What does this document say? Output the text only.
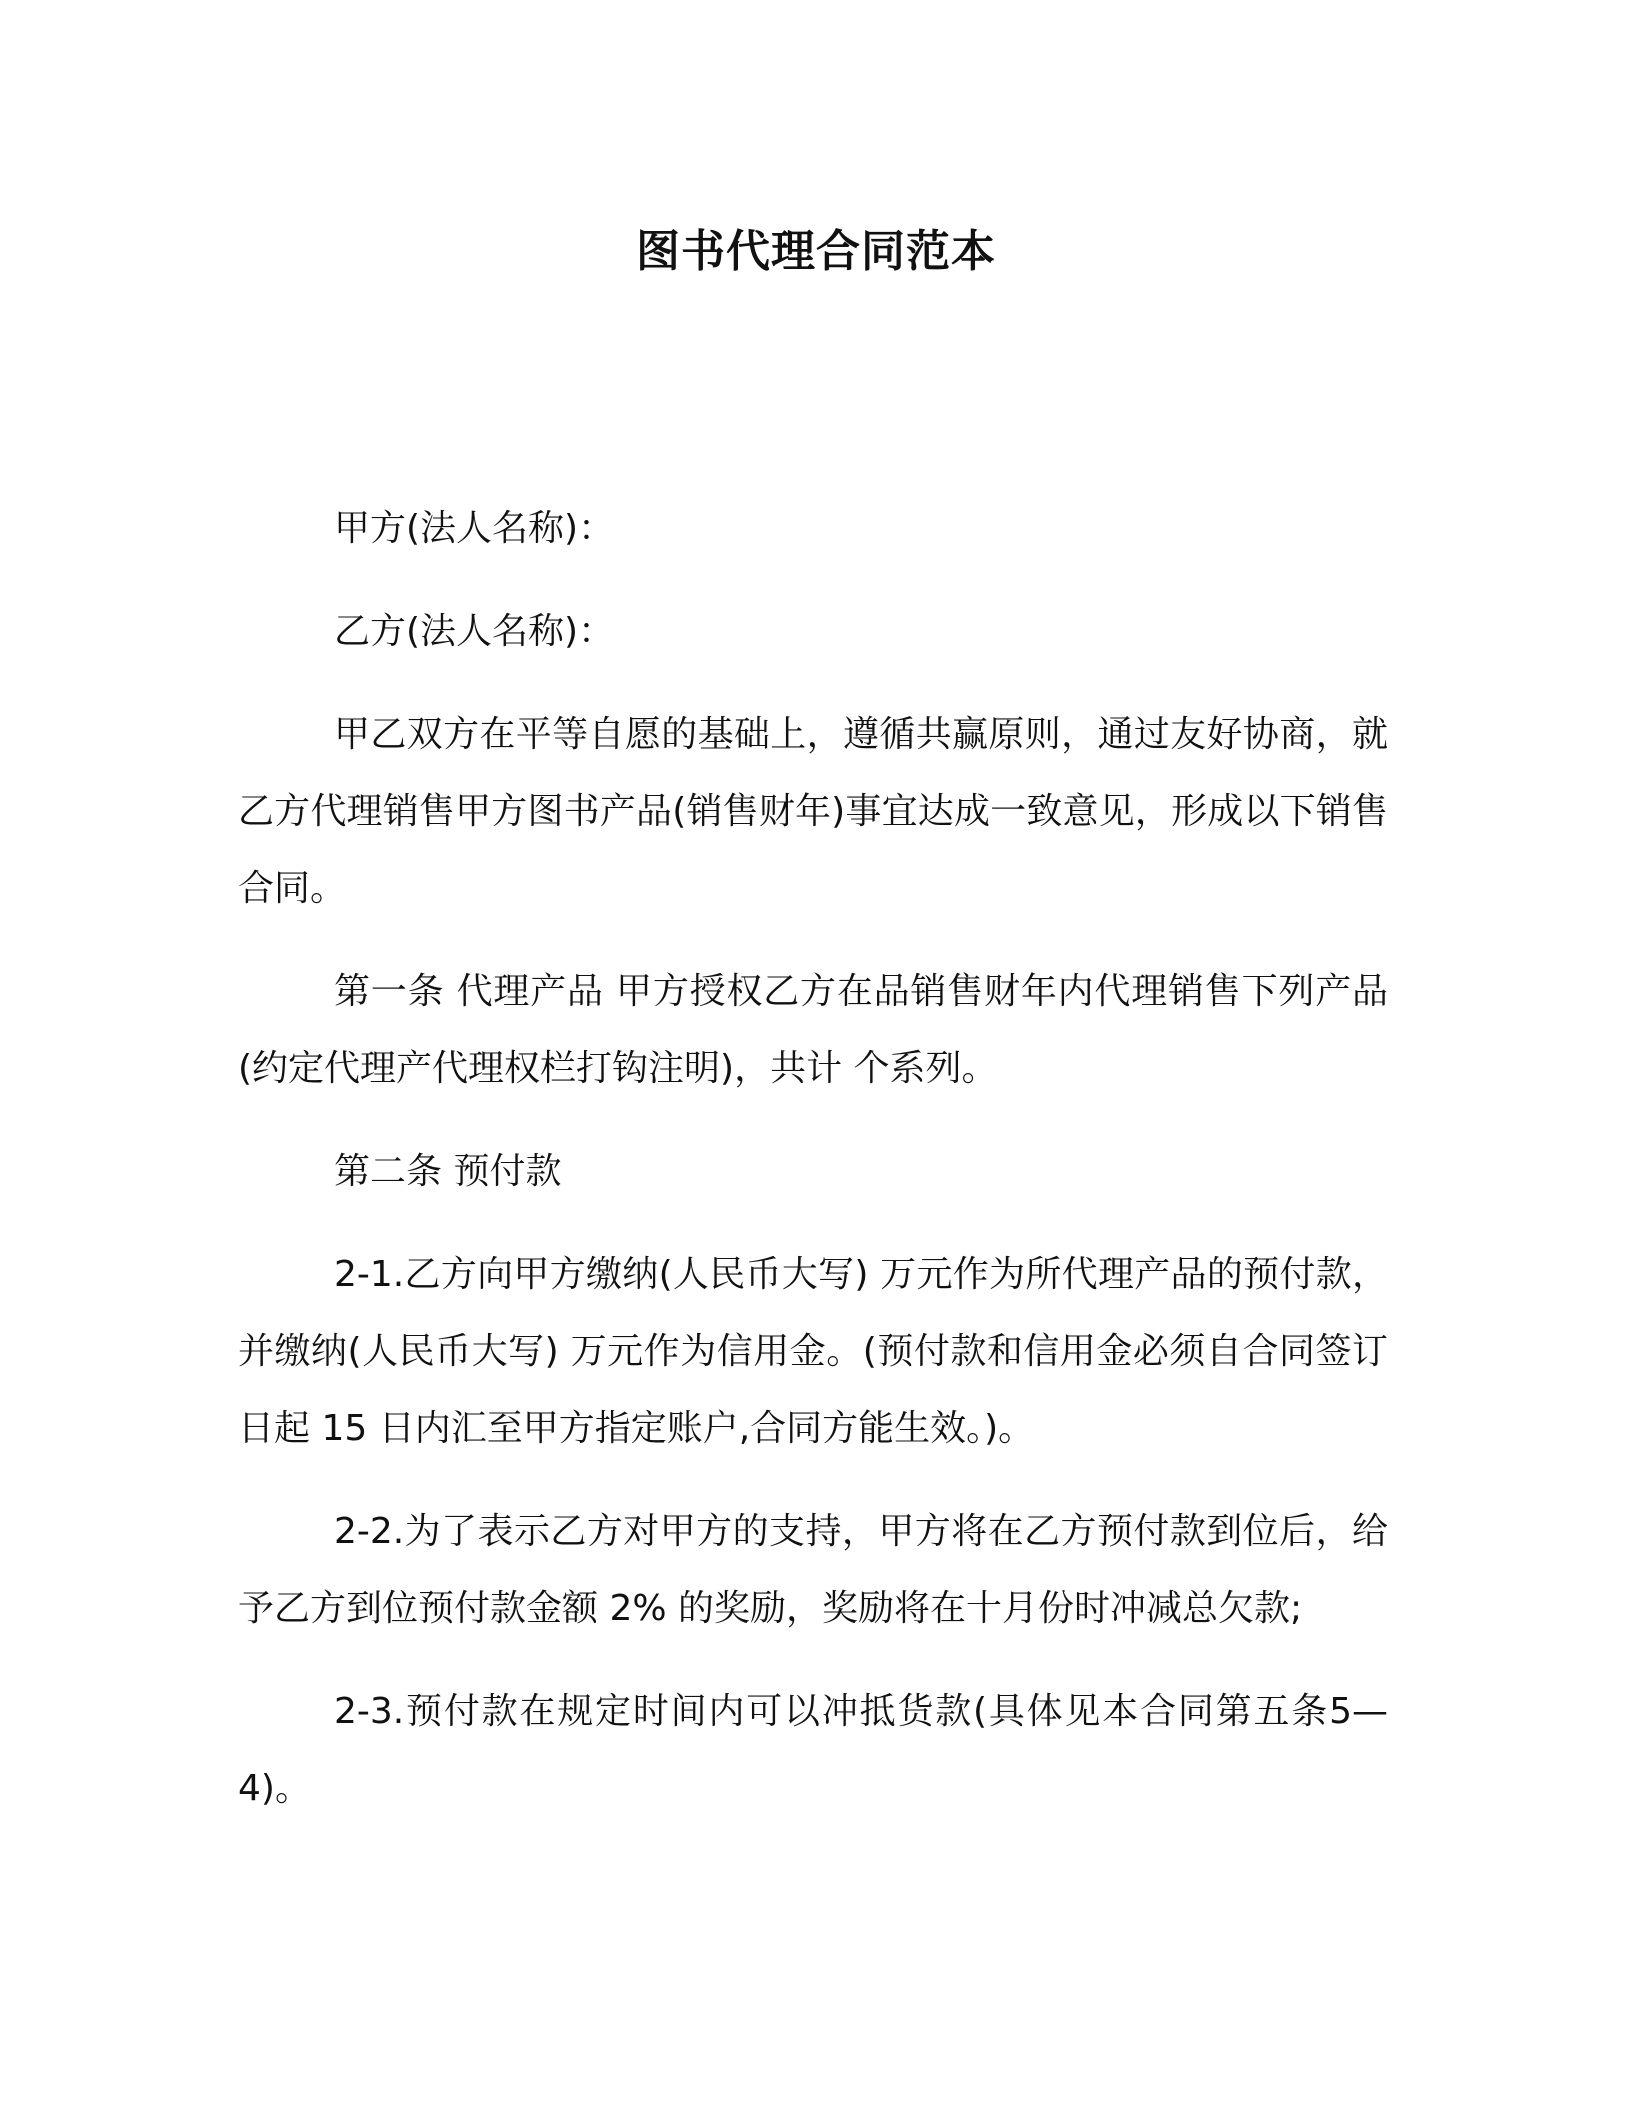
图书代理合同范本

甲方(法人名称)：

乙方(法人名称)：

甲乙双方在平等自愿的基础上，遵循共赢原则，通过友好协商，就乙方代理销售甲方图书产品(销售财年)事宜达成一致意见，形成以下销售合同。

第一条 代理产品 甲方授权乙方在品销售财年内代理销售下列产品(约定代理产代理权栏打钩注明)，共计 个系列。

第二条 预付款

2-1.乙方向甲方缴纳(人民币大写) 万元作为所代理产品的预付款，并缴纳(人民币大写) 万元作为信用金。(预付款和信用金必须自合同签订日起 15 日内汇至甲方指定账户,合同方能生效。)。

2-2.为了表示乙方对甲方的支持，甲方将在乙方预付款到位后，给予乙方到位预付款金额 2% 的奖励，奖励将在十月份时冲减总欠款;

2-3.预付款在规定时间内可以冲抵货款(具体见本合同第五条5—4)。
